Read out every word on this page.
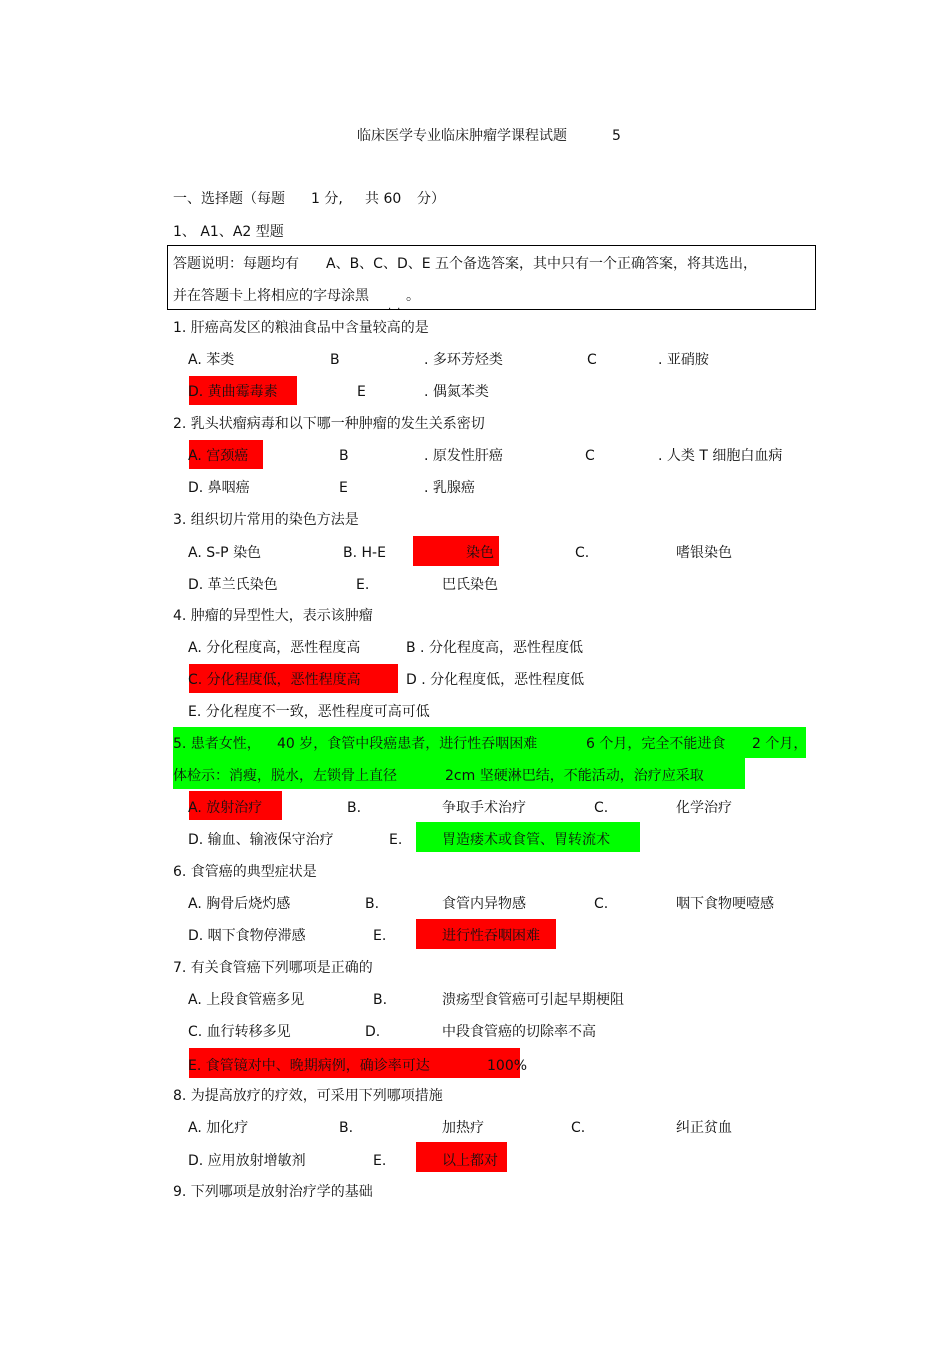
临床医学专业临床肿瘤学课程试题	5
一、选择题（每题 1 分, 共 60 分）
1、 A1、A2 型题
答题说明：每题均有 A、B、C、D、E 五个备选答案，其中只有一个正确答案，将其选出，
并在答题卡上将相应的字母涂黑
..
。
1. 肝癌高发区的粮油食品中含量较高的是
A. 苯类	B	. 多环芳烃类	C	. 亚硝胺
D. 黄曲霉毒素	E	. 偶氮苯类
2. 乳头状瘤病毒和以下哪一种肿瘤的发生关系密切
A. 宫颈癌	B	. 原发性肝癌	C	. 人类 T 细胞白血病
D. 鼻咽癌	E	. 乳腺癌
3. 组织切片常用的染色方法是
A. S-P 染色	B. H-E	染色	C.	嗜银染色
D. 革兰氏染色	E.	巴氏染色
4. 肿瘤的异型性大，表示该肿瘤
A. 分化程度高，恶性程度高	B . 分化程度高，恶性程度低
C. 分化程度低，恶性程度高	D . 分化程度低，恶性程度低
E. 分化程度不一致，恶性程度可高可低
5. 患者女性， 40 岁，食管中段癌患者，进行性吞咽困难	6 个月，完全不能进食 2 个月，
体检示：消瘦，脱水，左锁骨上直径	2cm 坚硬淋巴结，不能活动，治疗应采取
A. 放射治疗	B.	争取手术治疗	C.	化学治疗
D. 输血、输液保守治疗	E.	胃造瘘术或食管、胃转流术
6. 食管癌的典型症状是
A. 胸骨后烧灼感	B.	食管内异物感	C.	咽下食物哽噎感
D. 咽下食物停滞感	E.	进行性吞咽困难
7. 有关食管癌下列哪项是正确的
A. 上段食管癌多见	B.	溃疡型食管癌可引起早期梗阻
C. 血行转移多见	D.	中段食管癌的切除率不高
E. 食管镜对中、晚期病例，确诊率可达	100%
8. 为提高放疗的疗效，可采用下列哪项措施
A. 加化疗	B.	加热疗	C.	纠正贫血
D. 应用放射增敏剂	E.	以上都对
9. 下列哪项是放射治疗学的基础
